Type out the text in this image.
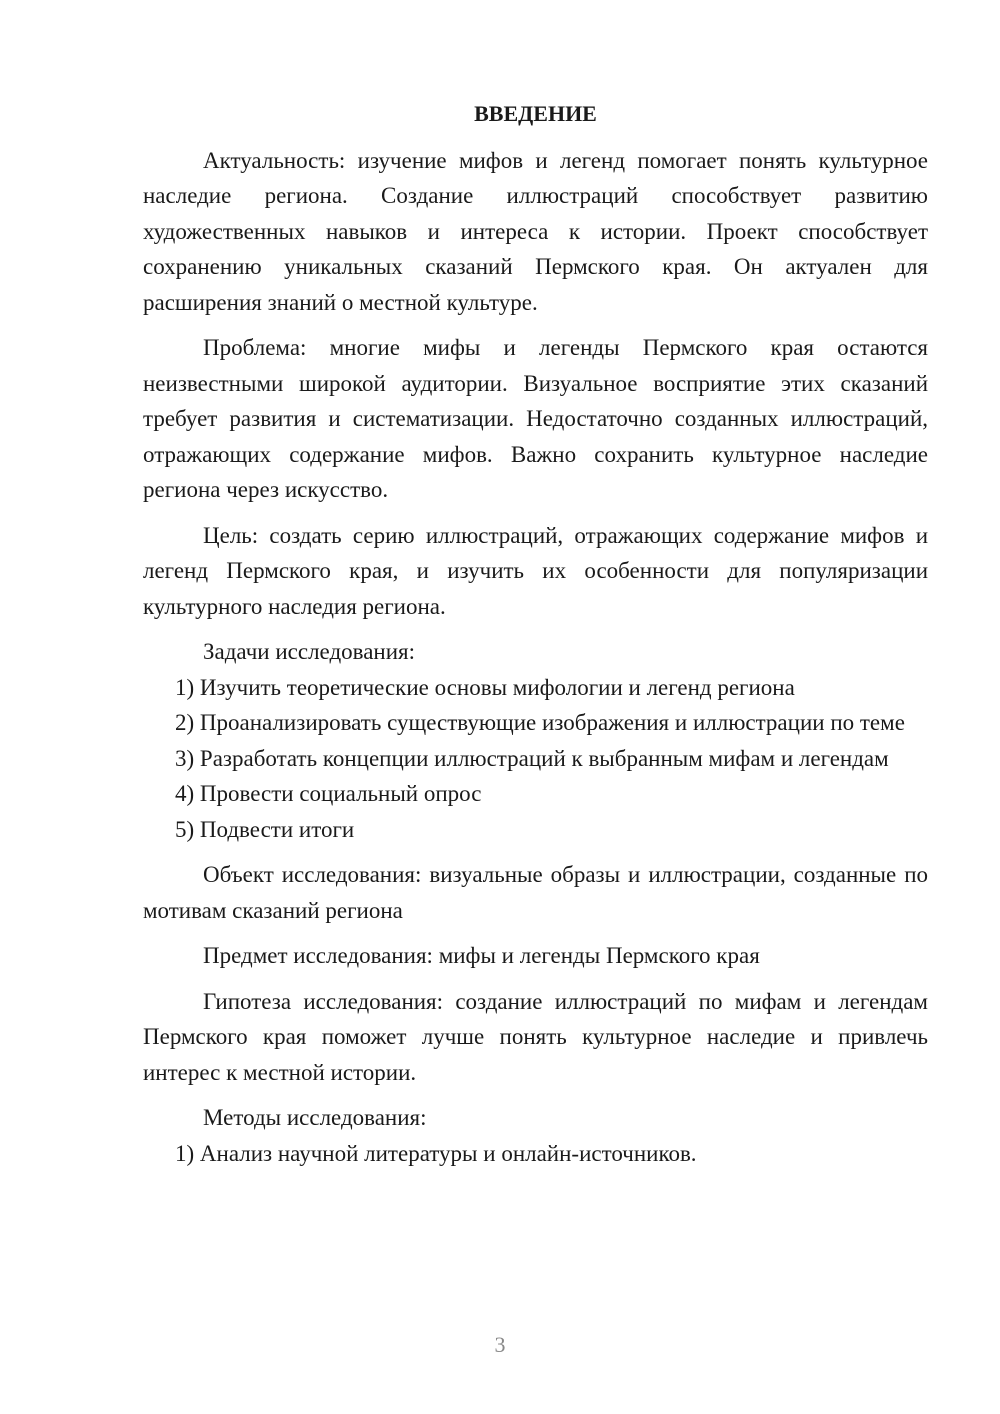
ВВЕДЕНИЕ

Актуальность: изучение мифов и легенд помогает понять культурное наследие региона. Создание иллюстраций способствует развитию художественных навыков и интереса к истории. Проект способствует сохранению уникальных сказаний Пермского края. Он актуален для расширения знаний о местной культуре.

Проблема: многие мифы и легенды Пермского края остаются неизвестными широкой аудитории. Визуальное восприятие этих сказаний требует развития и систематизации. Недостаточно созданных иллюстраций, отражающих содержание мифов. Важно сохранить культурное наследие региона через искусство.

Цель: создать серию иллюстраций, отражающих содержание мифов и легенд Пермского края, и изучить их особенности для популяризации культурного наследия региона.

Задачи исследования:

1) Изучить теоретические основы мифологии и легенд региона

2) Проанализировать существующие изображения и иллюстрации по теме

3) Разработать концепции иллюстраций к выбранным мифам и легендам

4) Провести социальный опрос

5) Подвести итоги

Объект исследования: визуальные образы и иллюстрации, созданные по мотивам сказаний региона

Предмет исследования: мифы и легенды Пермского края

Гипотеза исследования: создание иллюстраций по мифам и легендам Пермского края поможет лучше понять культурное наследие и привлечь интерес к местной истории.

Методы исследования:

1) Анализ научной литературы и онлайн-источников.

3
